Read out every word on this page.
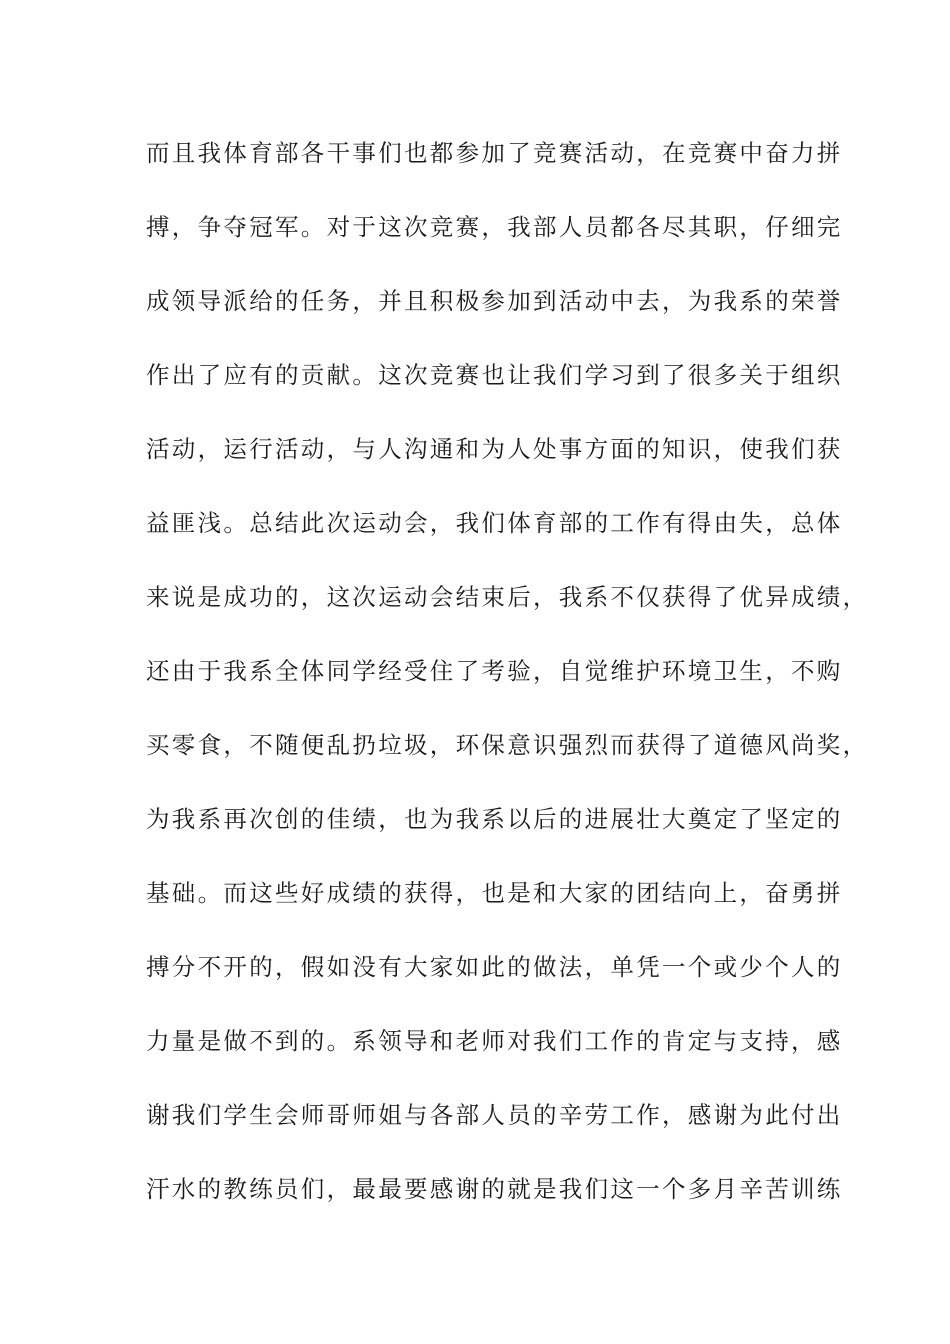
而且我体育部各干事们也都参加了竞赛活动，在竞赛中奋力拼
搏，争夺冠军。对于这次竞赛，我部人员都各尽其职，仔细完
成领导派给的任务，并且积极参加到活动中去，为我系的荣誉
作出了应有的贡献。这次竞赛也让我们学习到了很多关于组织
活动，运行活动，与人沟通和为人处事方面的知识，使我们获
益匪浅。总结此次运动会，我们体育部的工作有得由失，总体
来说是成功的，这次运动会结束后，我系不仅获得了优异成绩，
还由于我系全体同学经受住了考验，自觉维护环境卫生，不购
买零食，不随便乱扔垃圾，环保意识强烈而获得了道德风尚奖，
为我系再次创的佳绩，也为我系以后的进展壮大奠定了坚定的
基础。而这些好成绩的获得，也是和大家的团结向上，奋勇拼
搏分不开的，假如没有大家如此的做法，单凭一个或少个人的
力量是做不到的。系领导和老师对我们工作的肯定与支持，感
谢我们学生会师哥师姐与各部人员的辛劳工作，感谢为此付出
汗水的教练员们，最最要感谢的就是我们这一个多月辛苦训练
